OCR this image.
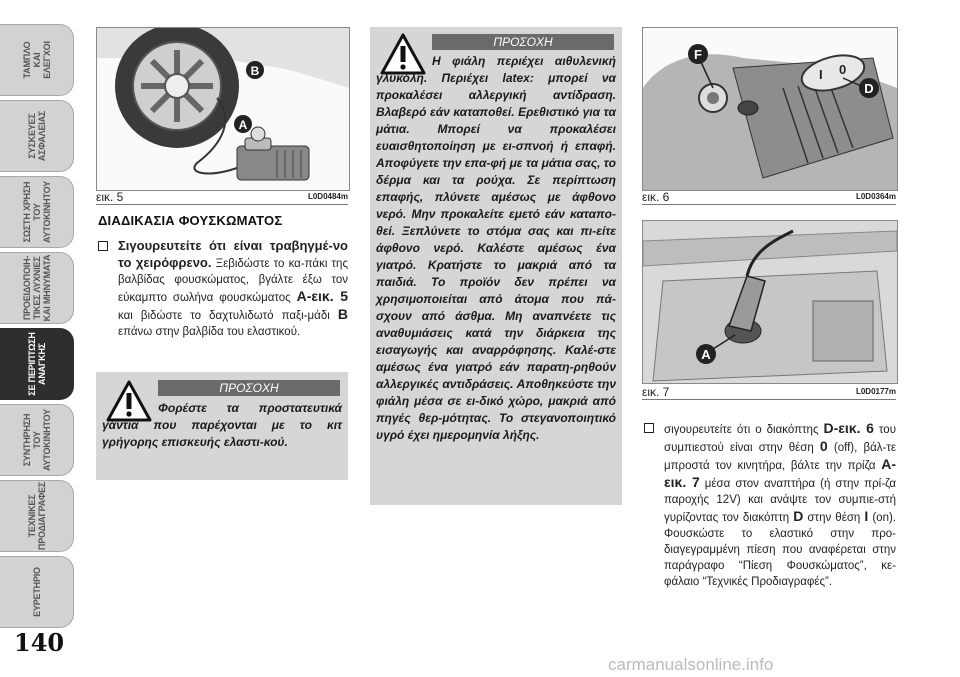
ΤΑΜΠΛΟ
ΚΑΙ
ΕΛΕΓΧΟΙ
ΣΥΣΚΕΥΕΣ
ΑΣΦΑΛΕΙΑΣ
ΣΩΣΤΗ ΧΡΗΣΗ
ΤΟΥ
ΑΥΤΟΚΙΝΗΤΟΥ
ΠΡΟΕΙΔΟΠΟΙΗ-
ΤΙΚΕΣ ΛΥΧΝΙΕΣ
ΚΑΙ ΜΗΝΥΜΑΤΑ
ΣΕ ΠΕΡΙΠΤΩΣΗ
ΑΝΑΓΚΗΣ
ΣΥΝΤΗΡΗΣΗ
ΤΟΥ
ΑΥΤΟΚΙΝΗΤΟΥ
ΤΕΧΝΙΚΕΣ
ΠΡΟΔΙΑΓΡΑΦΕΣ
ΕΥΡΕΤΗΡΙΟ
140
B
A
εικ. 5	L0D0484m
ΔΙΑΔΙΚΑΣΙΑ ΦΟΥΣΚΩΜΑΤΟΣ
Σιγουρευτείτε ότι είναι τραβηγμέ-νο το χειρόφρενο. Ξεβιδώστε το κα-πάκι της βαλβίδας φουσκώματος, βγάλτε έξω τον εύκαμπτο σωλήνα φουσκώματος A-εικ. 5 και βιδώστε το δαχτυλιδωτό παξι-μάδι B επάνω στην βαλβίδα του ελαστικού.
ΠΡΟΣΟΧΗ
Φορέστε τα προστατευτικά γάντια που παρέχονται με το κιτ γρήγορης επισκευής ελαστι-κού.
ΠΡΟΣΟΧΗ
Η φιάλη περιέχει αιθυλενική γλυκόλη. Περιέχει latex: μπορεί να προκαλέσει αλλεργική αντίδραση. Βλαβερό εάν καταποθεί. Ερεθιστικό για τα μάτια. Μπορεί να προκαλέσει ευαισθητοποίηση με ει-σπνοή ή επαφή. Αποφύγετε την επα-φή με τα μάτια σας, το δέρμα και τα ρούχα. Σε περίπτωση επαφής, πλύνετε αμέσως με άφθονο νερό. Μην προκαλείτε εμετό εάν καταπο-θεί. Ξεπλύνετε το στόμα σας και πι-είτε άφθονο νερό. Καλέστε αμέσως ένα γιατρό. Κρατήστε το μακριά από τα παιδιά. Το προϊόν δεν πρέπει να χρησιμοποιείται από άτομα που πά-σχουν από άσθμα. Μη αναπνέετε τις αναθυμιάσεις κατά την διάρκεια της εισαγωγής και αναρρόφησης. Καλέ-στε αμέσως ένα γιατρό εάν παρατη-ρηθούν αλλεργικές αντιδράσεις. Αποθηκεύστε την φιάλη μέσα σε ει-δικό χώρο, μακριά από πηγές θερ-μότητας. Το στεγανοποιητικό υγρό έχει ημερομηνία λήξης.
I 0
F
D
εικ. 6	L0D0364m
A
εικ. 7	L0D0177m
σιγουρευτείτε ότι ο διακόπτης D-εικ. 6 του συμπιεστού είναι στην θέση 0 (off), βάλ-τε μπροστά τον κινητήρα, βάλτε την πρίζα A-εικ. 7 μέσα στον αναπτήρα (ή στην πρί-ζα παροχής 12V) και ανάψτε τον συμπιε-στή γυρίζοντας τον διακόπτη D στην θέση I (on). Φουσκώστε το ελαστικό στην προ-διαγεγραμμένη πίεση που αναφέρεται στην παράγραφο “Πίεση Φουσκώματος”, κε-φάλαιο “Τεχνικές Προδιαγραφές”.
carmanualsonline.info
